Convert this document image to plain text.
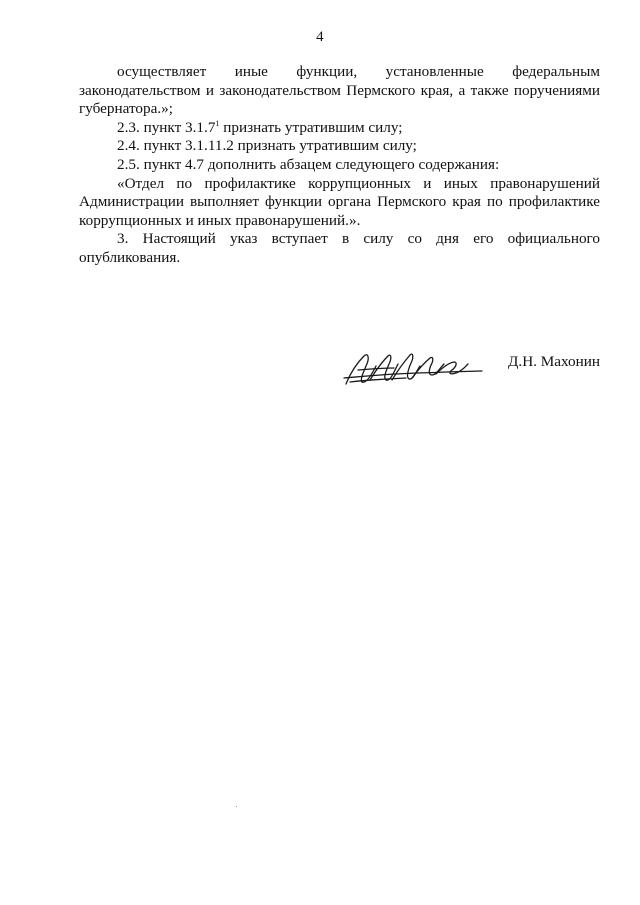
4

осуществляет иные функции, установленные федеральным законодательством и законодательством Пермского края, а также поручениями губернатора.»;

2.3. пункт 3.1.7$^1$ признать утратившим силу;

2.4. пункт 3.1.11.2 признать утратившим силу;

2.5. пункт 4.7 дополнить абзацем следующего содержания:

«Отдел по профилактике коррупционных и иных правонарушений Администрации выполняет функции органа Пермского края по профилактике коррупционных и иных правонарушений.».

3. Настоящий указ вступает в силу со дня его официального опубликования.

Д.Н. Махонин
